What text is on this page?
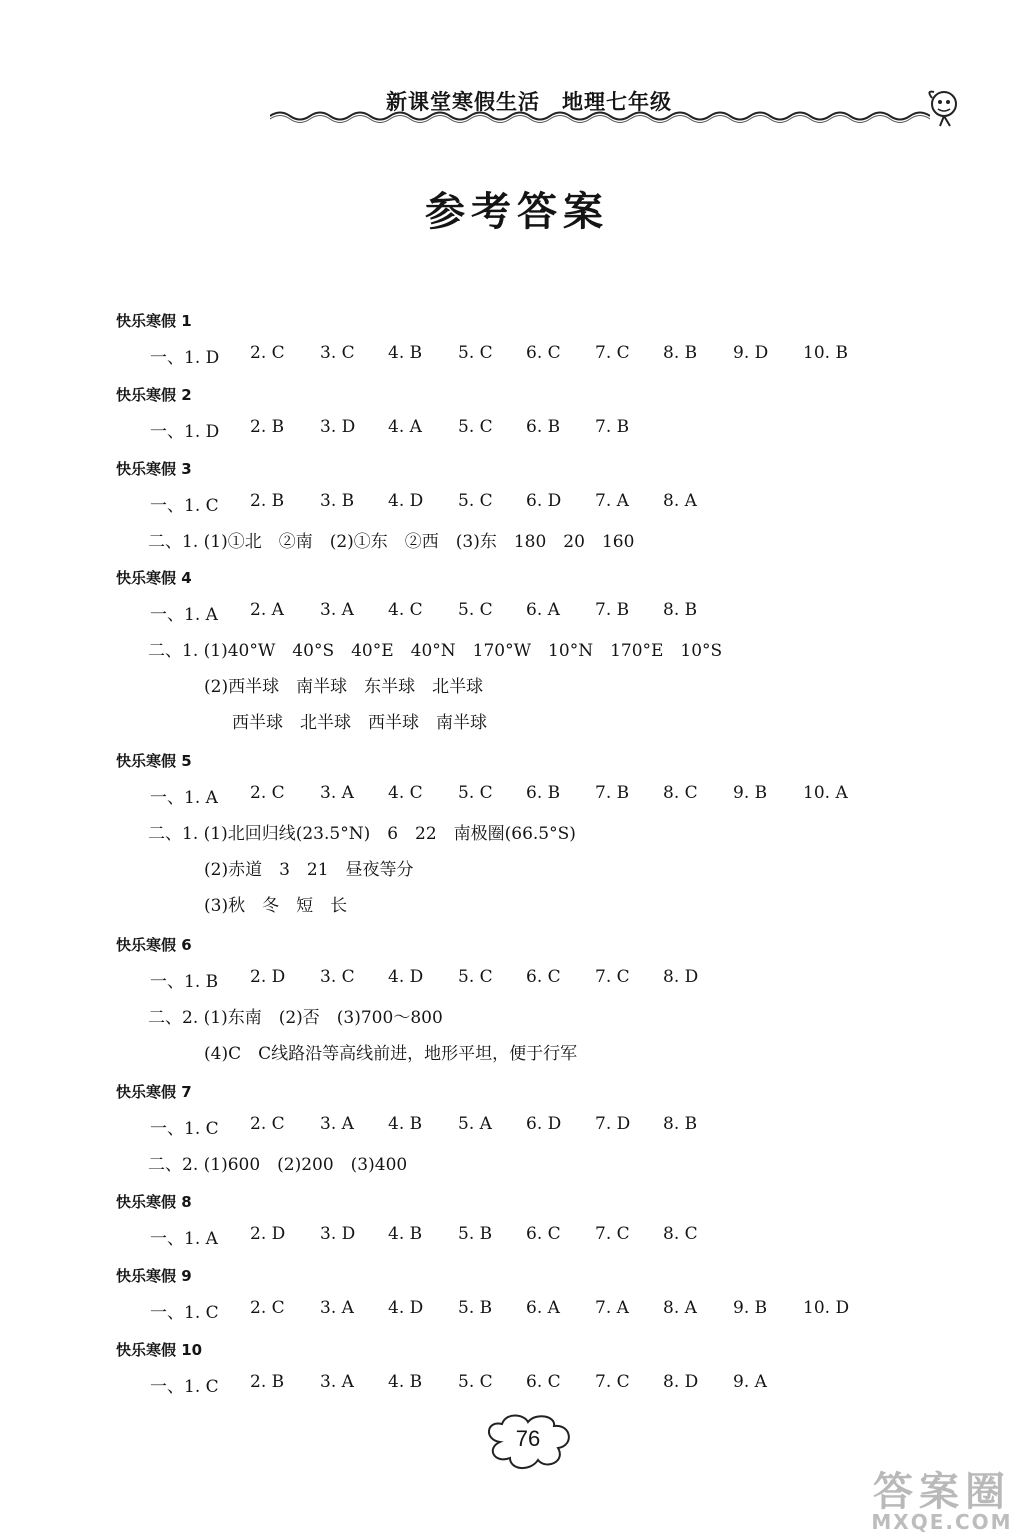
新课堂寒假生活　地理七年级
参考答案
快乐寒假 1
一、1. D 2. C 3. C 4. B 5. C 6. C 7. C 8. B 9. D 10. B
快乐寒假 2
一、1. D 2. B 3. D 4. A 5. C 6. B 7. B
快乐寒假 3
一、1. C 2. B 3. B 4. D 5. C 6. D 7. A 8. A
二、1. (1)①北　②南　(2)①东　②西　(3)东　180　20　160
快乐寒假 4
一、1. A 2. A 3. A 4. C 5. C 6. A 7. B 8. B
二、1. (1)40°W　40°S　40°E　40°N　170°W　10°N　170°E　10°S
(2)西半球　南半球　东半球　北半球
西半球　北半球　西半球　南半球
快乐寒假 5
一、1. A 2. C 3. A 4. C 5. C 6. B 7. B 8. C 9. B 10. A
二、1. (1)北回归线(23.5°N)　6　22　南极圈(66.5°S)
(2)赤道　3　21　昼夜等分
(3)秋　冬　短　长
快乐寒假 6
一、1. B 2. D 3. C 4. D 5. C 6. C 7. C 8. D
二、2. (1)东南　(2)否　(3)700～800
(4)C　C线路沿等高线前进，地形平坦，便于行军
快乐寒假 7
一、1. C 2. C 3. A 4. B 5. A 6. D 7. D 8. B
二、2. (1)600　(2)200　(3)400
快乐寒假 8
一、1. A 2. D 3. D 4. B 5. B 6. C 7. C 8. C
快乐寒假 9
一、1. C 2. C 3. A 4. D 5. B 6. A 7. A 8. A 9. B 10. D
快乐寒假 10
一、1. C 2. B 3. A 4. B 5. C 6. C 7. C 8. D 9. A
76
答案圈
MXQE.COM
